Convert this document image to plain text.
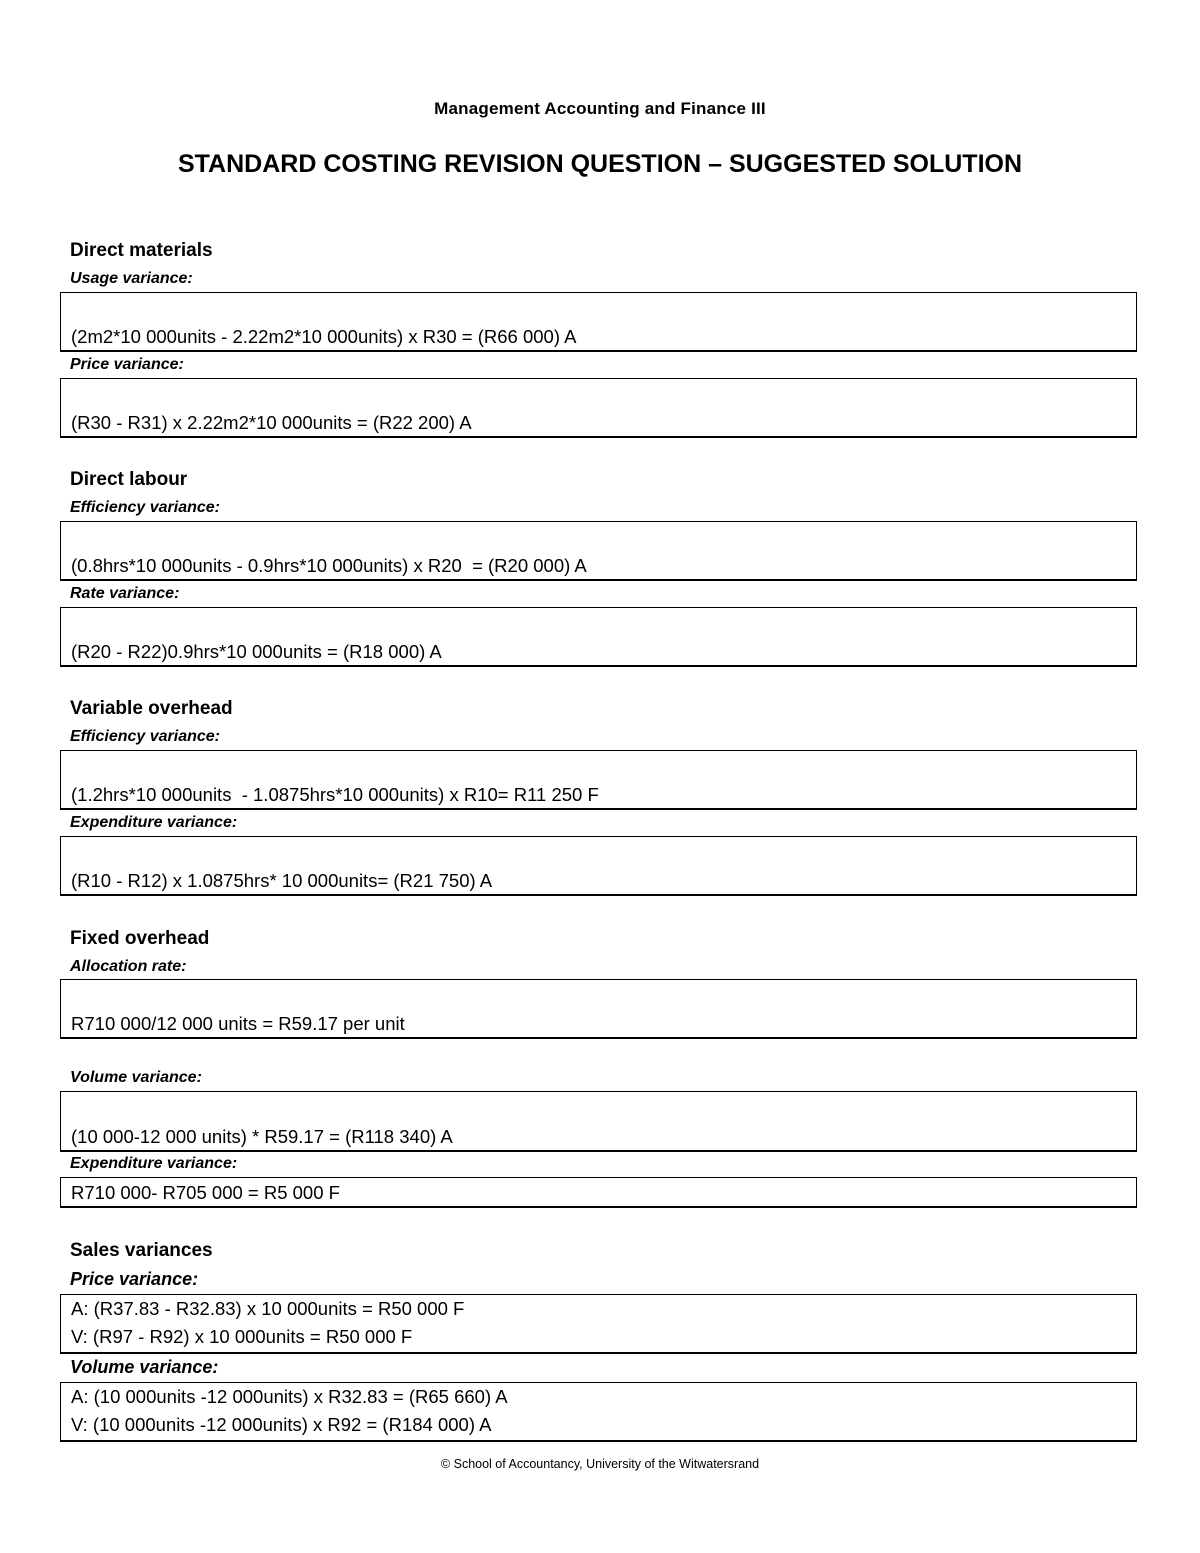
Management Accounting and Finance III
STANDARD COSTING REVISION QUESTION – SUGGESTED SOLUTION
Direct materials
Usage variance:
(2m2*10 000units - 2.22m2*10 000units) x R30 = (R66 000) A
Price variance:
(R30 - R31) x 2.22m2*10 000units = (R22 200) A
Direct labour
Efficiency variance:
(0.8hrs*10 000units - 0.9hrs*10 000units) x R20  = (R20 000) A
Rate variance:
(R20 - R22)0.9hrs*10 000units = (R18 000) A
Variable overhead
Efficiency variance:
(1.2hrs*10 000units  - 1.0875hrs*10 000units) x R10= R11 250 F
Expenditure variance:
(R10 - R12) x 1.0875hrs* 10 000units= (R21 750) A
Fixed overhead
Allocation rate:
R710 000/12 000 units = R59.17 per unit
Volume variance:
(10 000-12 000 units) * R59.17 = (R118 340) A
Expenditure variance:
R710 000- R705 000 = R5 000 F
Sales variances
Price variance:
A: (R37.83 - R32.83) x 10 000units = R50 000 F
V: (R97 - R92) x 10 000units = R50 000 F
Volume variance:
A: (10 000units -12 000units) x R32.83 = (R65 660) A
V: (10 000units -12 000units) x R92 = (R184 000) A
© School of Accountancy, University of the Witwatersrand
